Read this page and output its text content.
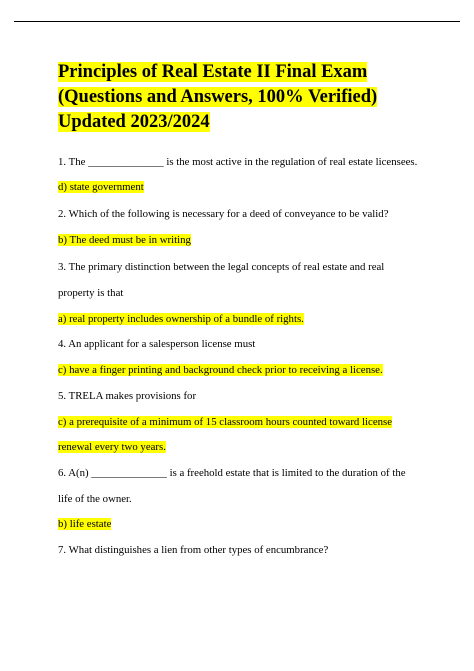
Principles of Real Estate II Final Exam
(Questions and Answers, 100% Verified)
Updated 2023/2024
1. The ______________ is the most active in the regulation of real estate licensees.
d) state government
2. Which of the following is necessary for a deed of conveyance to be valid?
b) The deed must be in writing
3. The primary distinction between the legal concepts of real estate and real
property is that
a) real property includes ownership of a bundle of rights.
4. An applicant for a salesperson license must
c) have a finger printing and background check prior to receiving a license.
5. TRELA makes provisions for
c) a prerequisite of a minimum of 15 classroom hours counted toward license
renewal every two years.
6. A(n) ______________ is a freehold estate that is limited to the duration of the
life of the owner.
b) life estate
7. What distinguishes a lien from other types of encumbrance?
